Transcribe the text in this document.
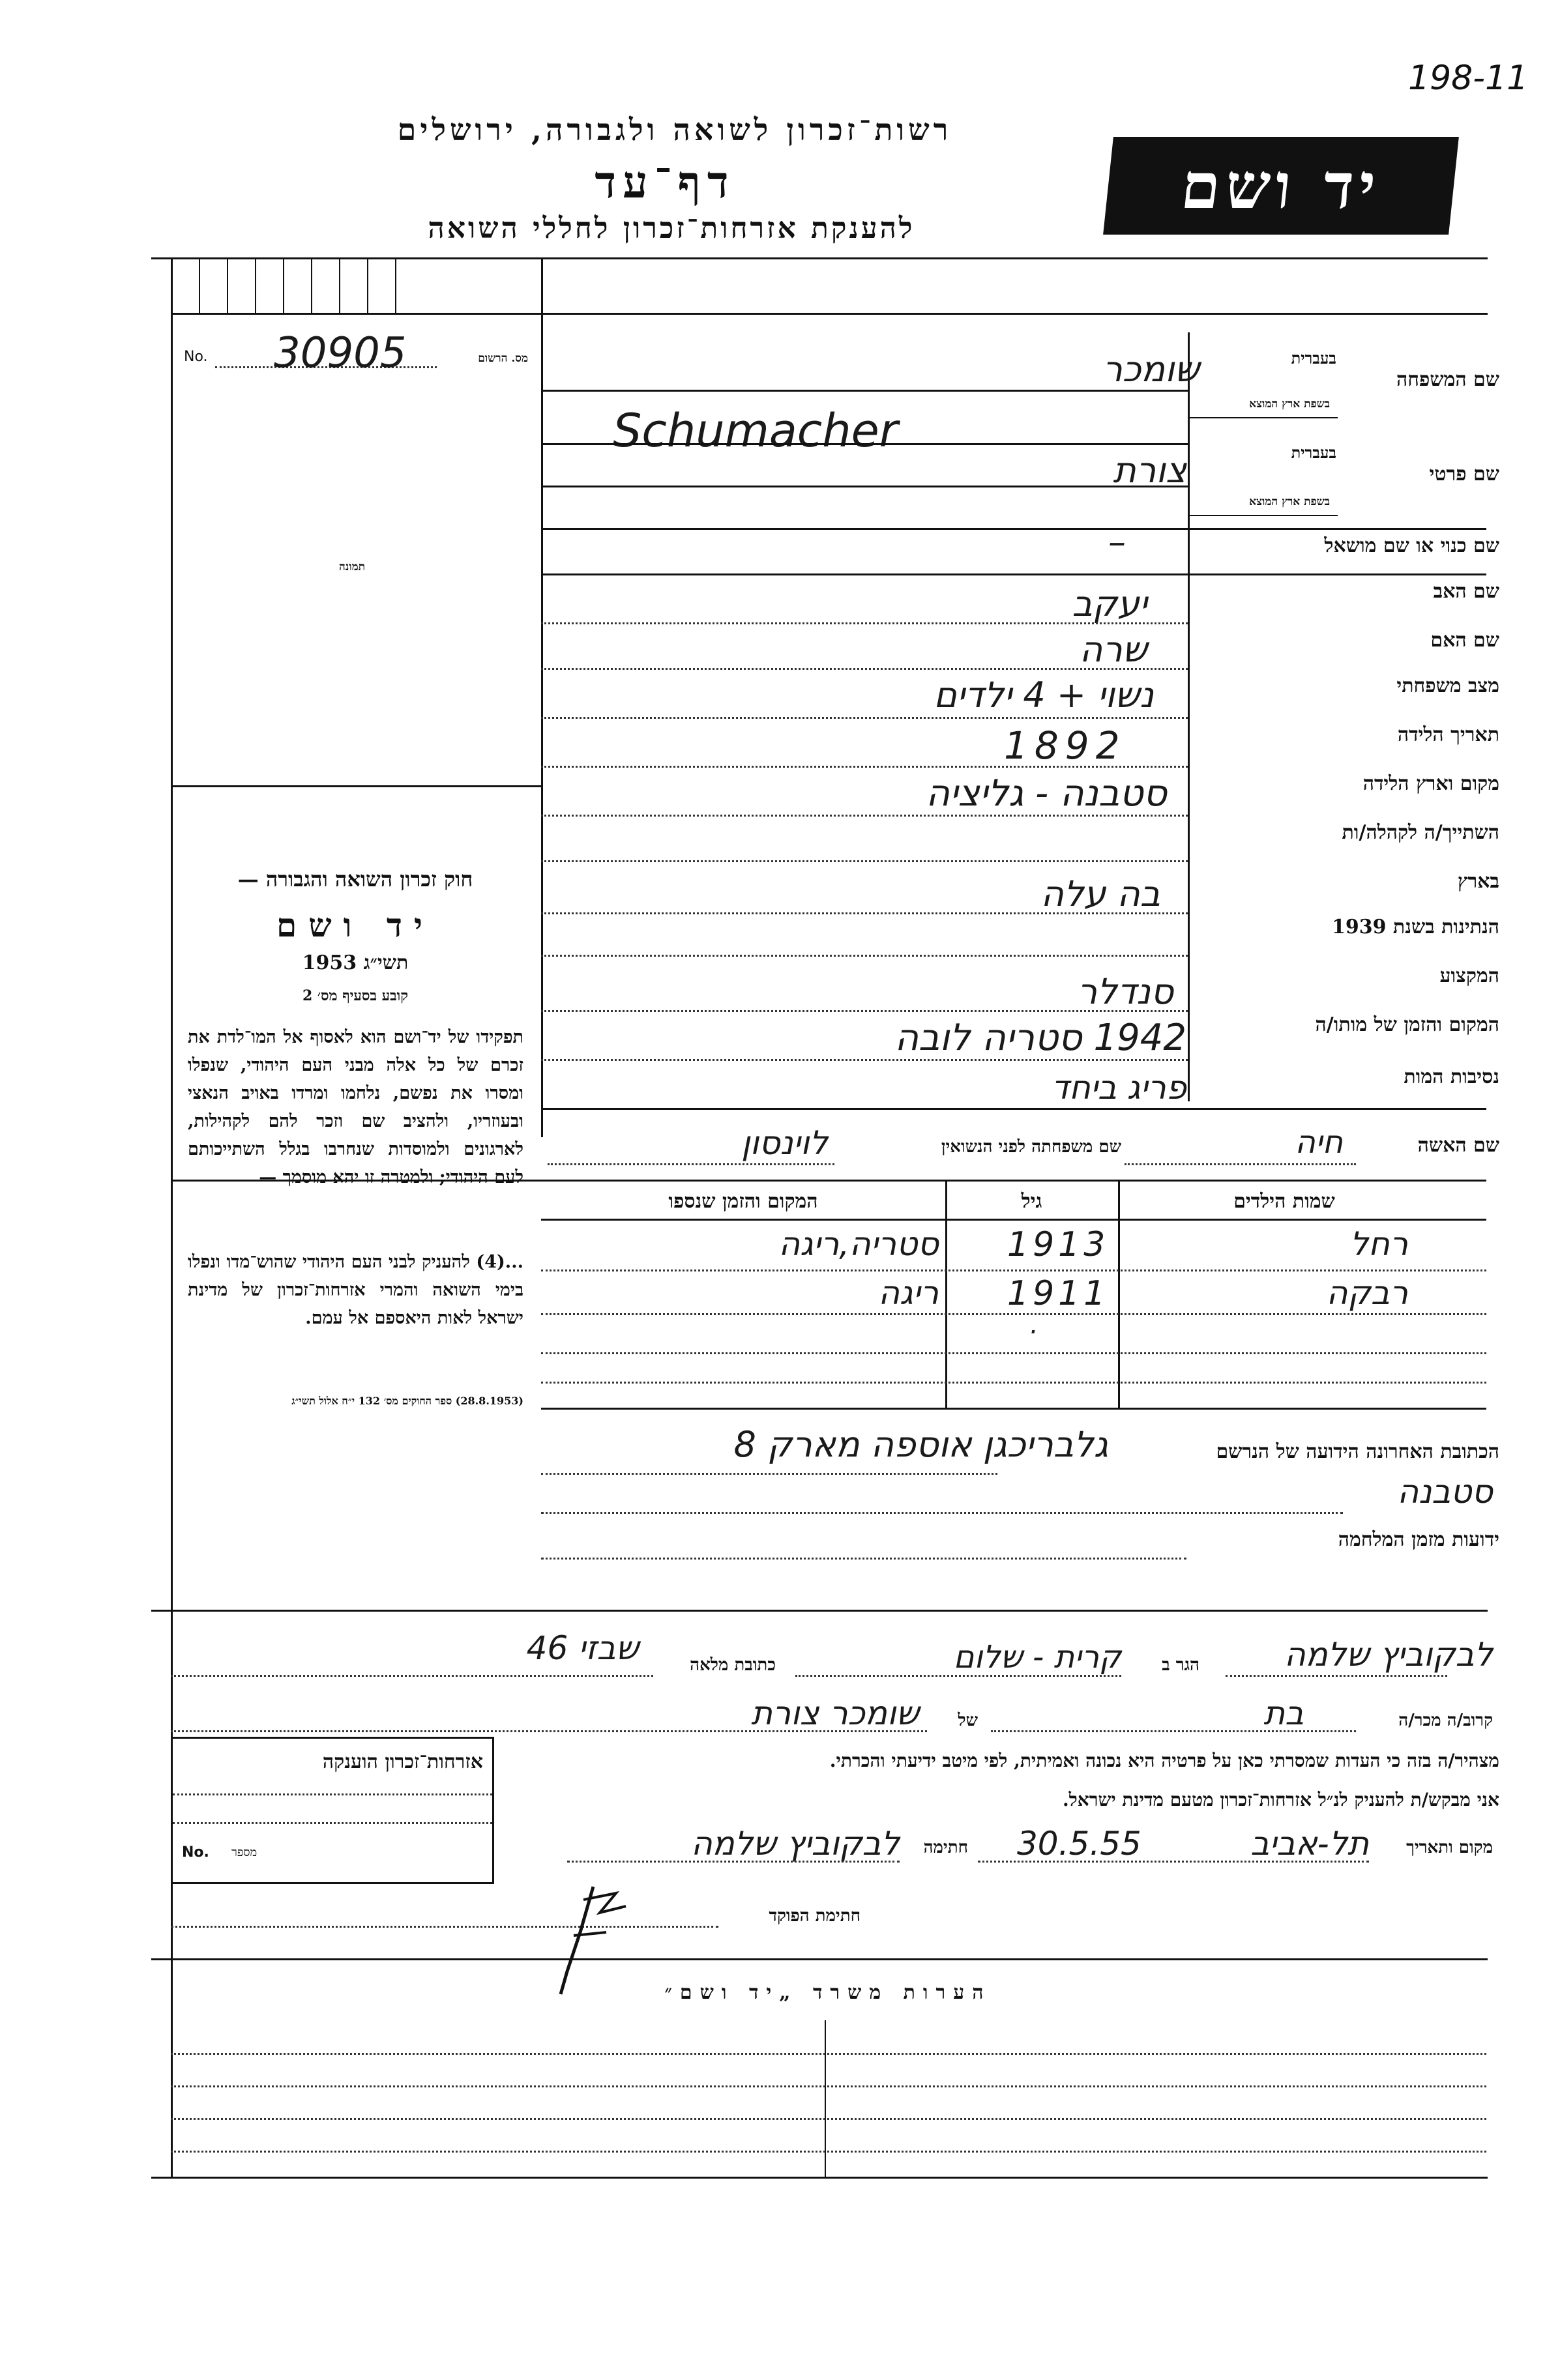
198-11
רשות־זכרון לשואה ולגבורה, ירושלים
דף־עד
להענקת אזרחות־זכרון לחללי השואה
יד ושם
No. 30905	מס. הרשום
תמונה
שם המשפחה
בעברית
בשפת ארץ המוצא
שומכר
Schumacher
שם פרטי
בעברית
בשפת ארץ המוצא
צורת
שם כנוי או שם מושאל
–
שם האב
יעקב
שם האם
שרה
מצב משפחתי
נשוי + 4 ילדים
תאריך הלידה
1892
מקום וארץ הלידה
סטבנה - גליציה
השתייך/ה לקהלה/ות
בארץ
בה עלה
הנתינות בשנת 1939
המקצוע
סנדלר
המקום והזמן של מותו/ה
1942 סטריה לובה
נסיבות המות
פריג ביחד
שם האשה
חיה
שם משפחתה לפני הנשואין
לוינסון
שמות הילדים
גיל
המקום והזמן שנספו
רחל
1913
סטריה,ריגה
רבקה
1911
ריגה
.
הכתובת האחרונה הידועה של הנרשם
גלבריכגן אוספה מארק 8
סטבנה
ידועות מזמן המלחמה
לבקוביץ שלמה
הגר ב
קרית - שלום
כתובת מלאה
שבזי 46
קרוב/ה מכר/ה
בת
של
שומכר צורת
מצהיר/ה בזה כי העדות שמסרתי כאן על פרטיה היא נכונה ואמיתית, לפי מיטב ידיעתי והכרתי.
אני מבקש/ת להעניק לנ״ל אזרחות־זכרון מטעם מדינת ישראל.
מקום ותאריך
תל-אביב
30.5.55
חתימה
לבקוביץ שלמה
אזרחות־זכרון הוענקה
No. מספר
חתימת הפוקד
הערות משרד „יד ושם״
חוק זכרון השואה והגבורה —
יד ושם
תשי״ג 1953
קובע בסעיף מס׳ 2
תפקידו של יד־ושם הוא לאסוף אל המו־לדת את זכרם של כל אלה מבני העם היהודי, שנפלו ומסרו את נפשם, נלחמו ומרדו באויב הנאצי ובעוזריו, ולהציב שם וזכר להם לקהילות, לארגונים ולמוסדות שנחרבו בגלל השתייכותם לעם היהודי; ולמטרה זו יהא מוסמך —
...(4) להעניק לבני העם היהודי שהוש־מדו ונפלו בימי השואה והמרי אזרחות־זכרון של מדינת ישראל לאות היאספם אל עמם.
(28.8.1953) ספר החוקים מס׳ 132 י״ח אלול תשי״ג
